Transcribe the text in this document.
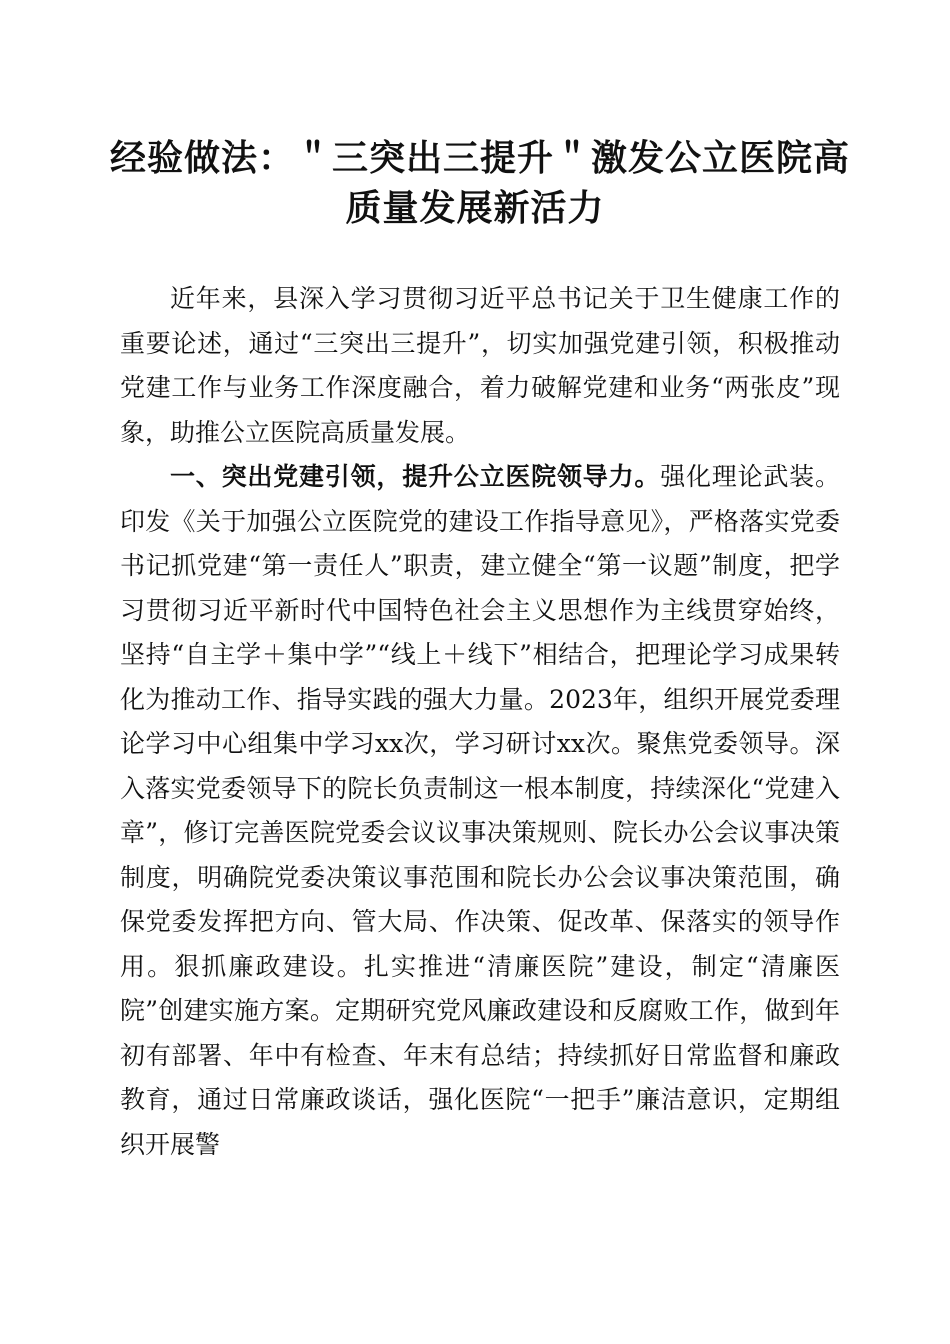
经验做法：＂三突出三提升＂激发公立医院高
质量发展新活力

近年来，县深入学习贯彻习近平总书记关于卫生健康工作的重要论述，通过“三突出三提升”，切实加强党建引领，积极推动党建工作与业务工作深度融合，着力破解党建和业务“两张皮”现象，助推公立医院高质量发展。

一、突出党建引领，提升公立医院领导力。强化理论武装。印发《关于加强公立医院党的建设工作指导意见》，严格落实党委书记抓党建“第一责任人”职责，建立健全“第一议题”制度，把学习贯彻习近平新时代中国特色社会主义思想作为主线贯穿始终，坚持“自主学＋集中学”“线上＋线下”相结合，把理论学习成果转化为推动工作、指导实践的强大力量。2023年，组织开展党委理论学习中心组集中学习xx次，学习研讨xx次。聚焦党委领导。深入落实党委领导下的院长负责制这一根本制度，持续深化“党建入章”，修订完善医院党委会议议事决策规则、院长办公会议事决策制度，明确院党委决策议事范围和院长办公会议事决策范围，确保党委发挥把方向、管大局、作决策、促改革、保落实的领导作用。狠抓廉政建设。扎实推进“清廉医院”建设，制定“清廉医院”创建实施方案。定期研究党风廉政建设和反腐败工作，做到年初有部署、年中有检查、年末有总结；持续抓好日常监督和廉政教育，通过日常廉政谈话，强化医院“一把手”廉洁意识，定期组织开展警
